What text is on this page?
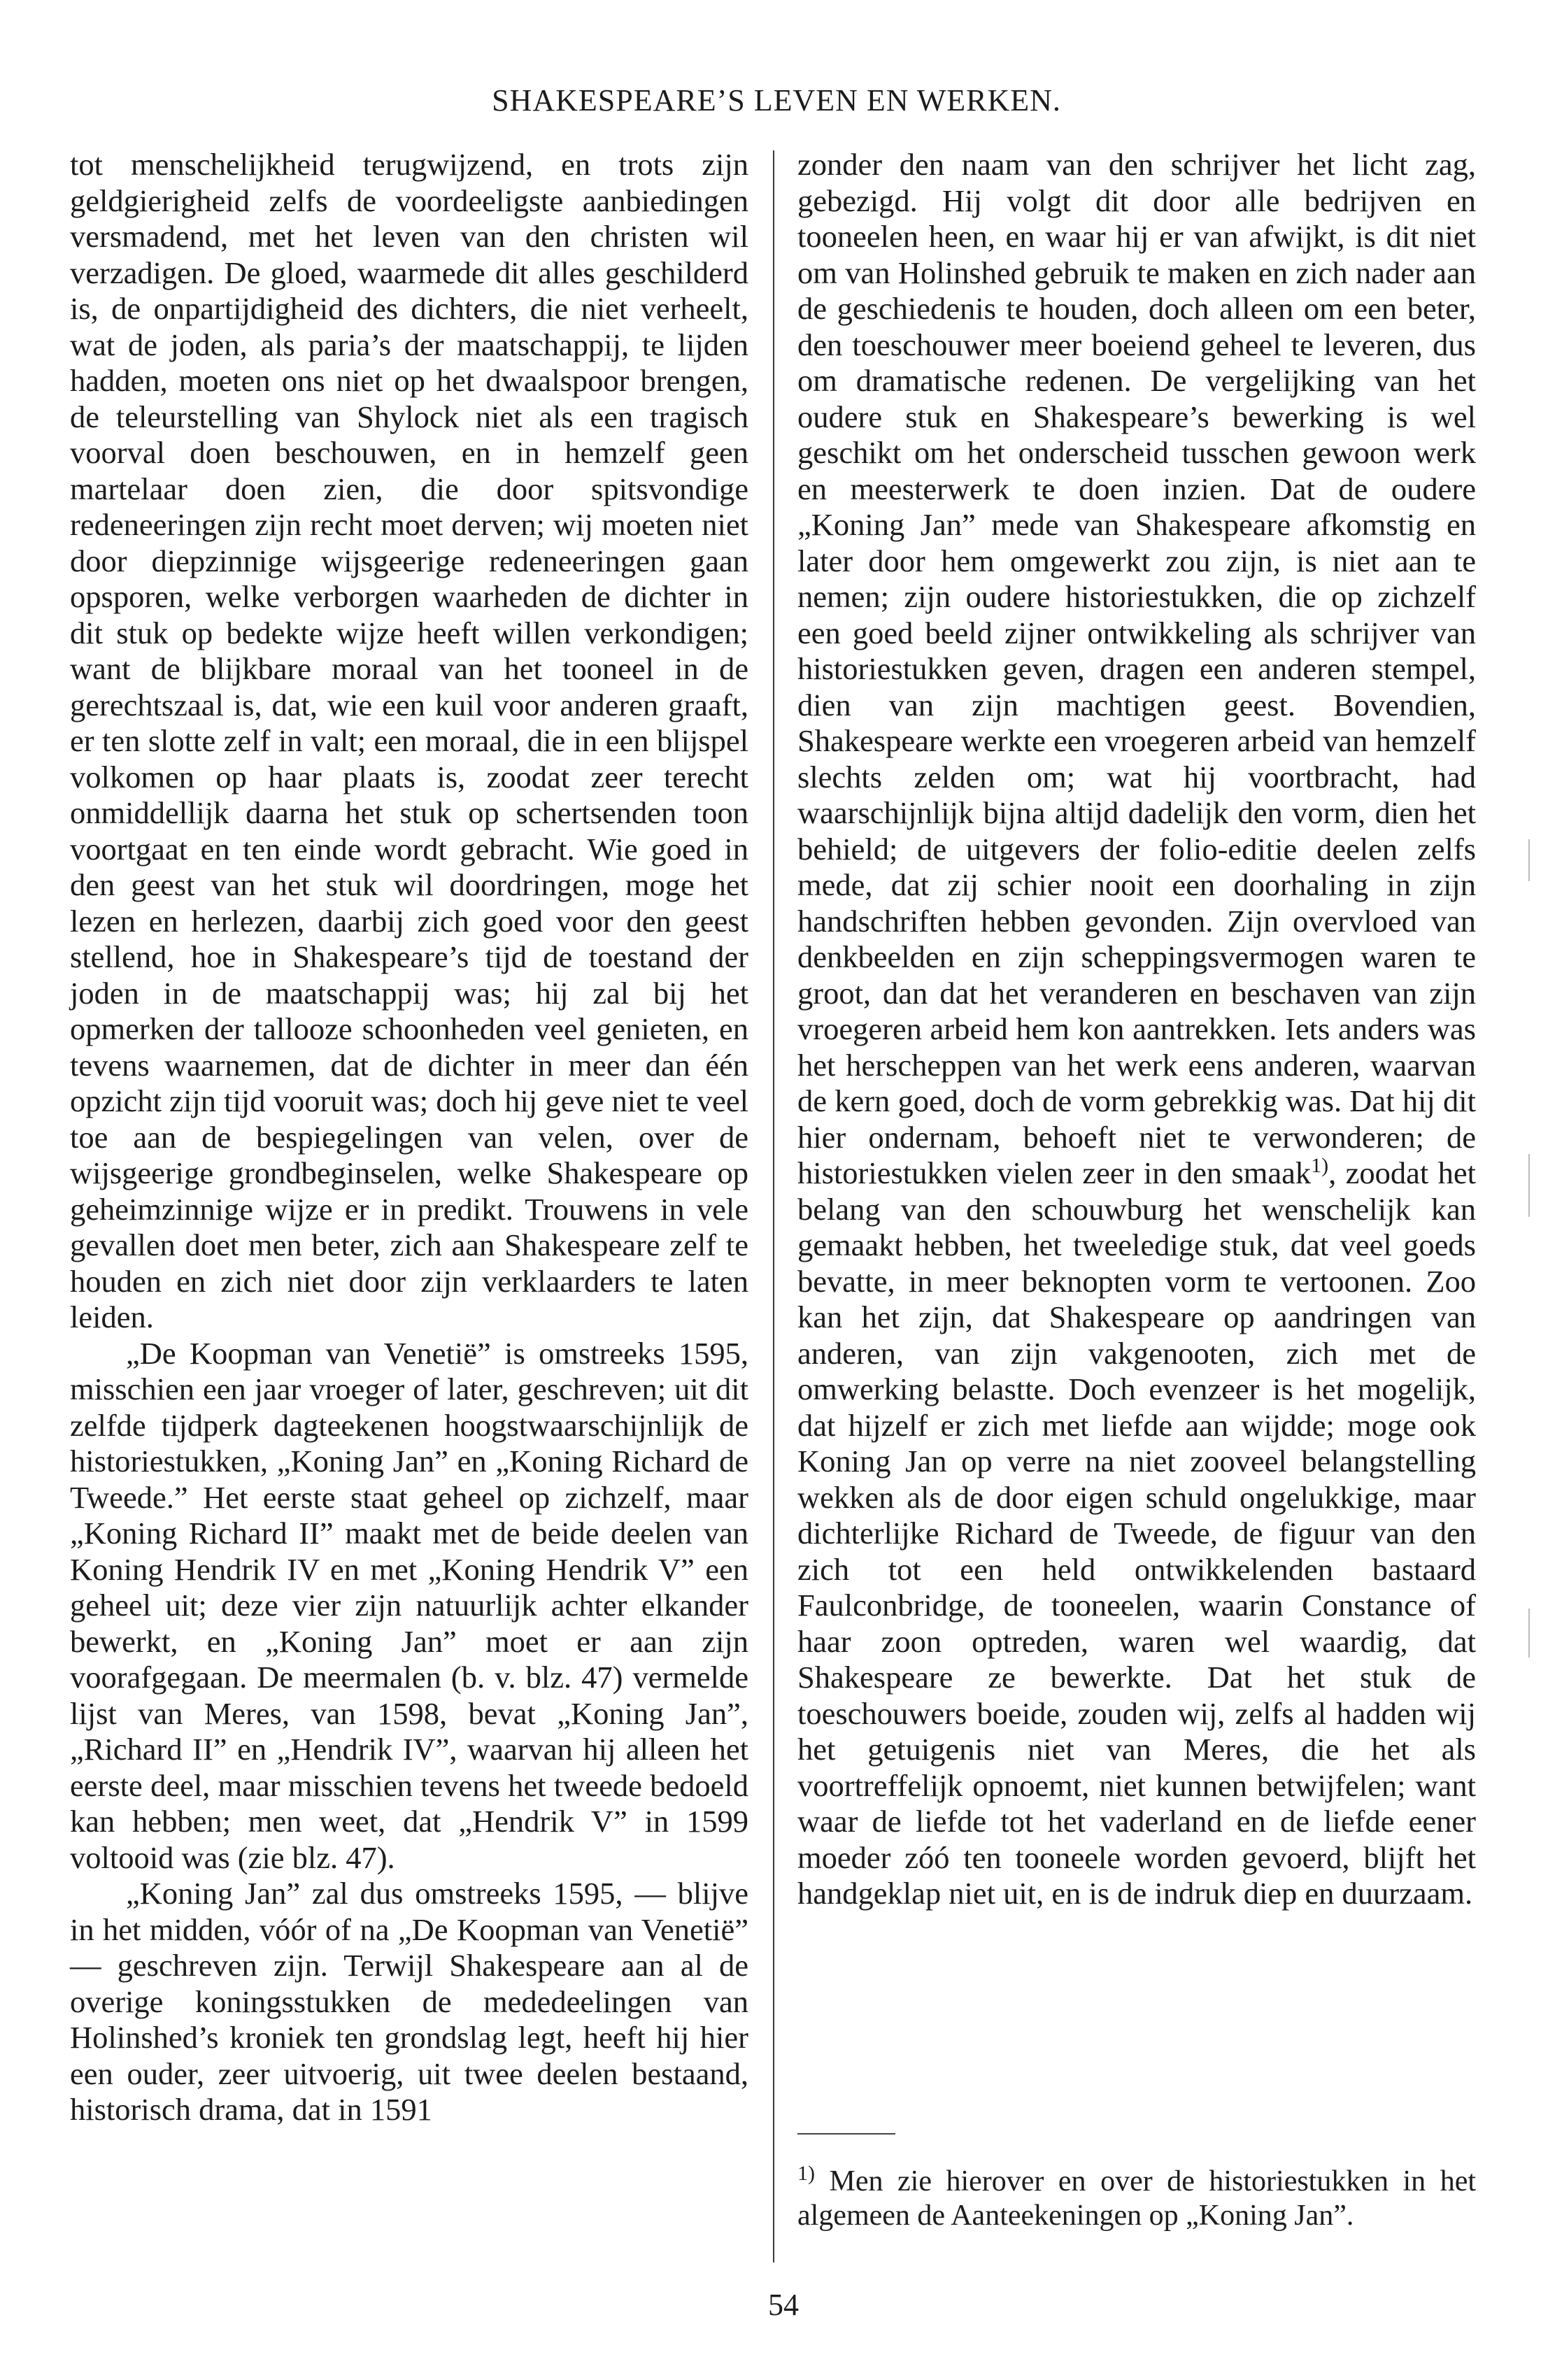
SHAKESPEARE’S LEVEN EN WERKEN.

tot menschelijkheid terugwijzend, en trots zijn geldgierigheid zelfs de voordeeligste aanbiedingen versmadend, met het leven van den christen wil verzadigen. De gloed, waarmede dit alles geschilderd is, de onpartijdigheid des dichters, die niet verheelt, wat de joden, als paria’s der maatschappij, te lijden hadden, moeten ons niet op het dwaalspoor brengen, de teleurstelling van Shylock niet als een tragisch voorval doen beschouwen, en in hemzelf geen martelaar doen zien, die door spitsvondige redeneeringen zijn recht moet derven; wij moeten niet door diepzinnige wijsgeerige redeneeringen gaan opsporen, welke verborgen waarheden de dichter in dit stuk op bedekte wijze heeft willen verkondigen; want de blijkbare moraal van het tooneel in de gerechtszaal is, dat, wie een kuil voor anderen graaft, er ten slotte zelf in valt; een moraal, die in een blijspel volkomen op haar plaats is, zoodat zeer terecht onmiddellijk daarna het stuk op schertsenden toon voortgaat en ten einde wordt gebracht. Wie goed in den geest van het stuk wil doordringen, moge het lezen en herlezen, daarbij zich goed voor den geest stellend, hoe in Shakespeare’s tijd de toestand der joden in de maatschappij was; hij zal bij het opmerken der tallooze schoonheden veel genieten, en tevens waarnemen, dat de dichter in meer dan één opzicht zijn tijd vooruit was; doch hij geve niet te veel toe aan de bespiegelingen van velen, over de wijsgeerige grondbeginselen, welke Shakespeare op geheimzinnige wijze er in predikt. Trouwens in vele gevallen doet men beter, zich aan Shakespeare zelf te houden en zich niet door zijn verklaarders te laten leiden.

„De Koopman van Venetië” is omstreeks 1595, misschien een jaar vroeger of later, geschreven; uit dit zelfde tijdperk dagteekenen hoogstwaarschijnlijk de historiestukken, „Koning Jan” en „Koning Richard de Tweede.” Het eerste staat geheel op zichzelf, maar „Koning Richard II” maakt met de beide deelen van Koning Hendrik IV en met „Koning Hendrik V” een geheel uit; deze vier zijn natuurlijk achter elkander bewerkt, en „Koning Jan” moet er aan zijn voorafgegaan. De meermalen (b. v. blz. 47) vermelde lijst van Meres, van 1598, bevat „Koning Jan”, „Richard II” en „Hendrik IV”, waarvan hij alleen het eerste deel, maar misschien tevens het tweede bedoeld kan hebben; men weet, dat „Hendrik V” in 1599 voltooid was (zie blz. 47).

„Koning Jan” zal dus omstreeks 1595, — blijve in het midden, vóór of na „De Koopman van Venetië” — geschreven zijn. Terwijl Shakespeare aan al de overige koningsstukken de mededeelingen van Holinshed’s kroniek ten grondslag legt, heeft hij hier een ouder, zeer uitvoerig, uit twee deelen bestaand, historisch drama, dat in 1591

zonder den naam van den schrijver het licht zag, gebezigd. Hij volgt dit door alle bedrijven en tooneelen heen, en waar hij er van afwijkt, is dit niet om van Holinshed gebruik te maken en zich nader aan de geschiedenis te houden, doch alleen om een beter, den toeschouwer meer boeiend geheel te leveren, dus om dramatische redenen. De vergelijking van het oudere stuk en Shakespeare’s bewerking is wel geschikt om het onderscheid tusschen gewoon werk en meesterwerk te doen inzien. Dat de oudere „Koning Jan” mede van Shakespeare afkomstig en later door hem omgewerkt zou zijn, is niet aan te nemen; zijn oudere historiestukken, die op zichzelf een goed beeld zijner ontwikkeling als schrijver van historiestukken geven, dragen een anderen stempel, dien van zijn machtigen geest. Bovendien, Shakespeare werkte een vroegeren arbeid van hemzelf slechts zelden om; wat hij voortbracht, had waarschijnlijk bijna altijd dadelijk den vorm, dien het behield; de uitgevers der folio-editie deelen zelfs mede, dat zij schier nooit een doorhaling in zijn handschriften hebben gevonden. Zijn overvloed van denkbeelden en zijn scheppingsvermogen waren te groot, dan dat het veranderen en beschaven van zijn vroegeren arbeid hem kon aantrekken. Iets anders was het herscheppen van het werk eens anderen, waarvan de kern goed, doch de vorm gebrekkig was. Dat hij dit hier ondernam, behoeft niet te verwonderen; de historiestukken vielen zeer in den smaak$^{1)}$, zoodat het belang van den schouwburg het wenschelijk kan gemaakt hebben, het tweeledige stuk, dat veel goeds bevatte, in meer beknopten vorm te vertoonen. Zoo kan het zijn, dat Shakespeare op aandringen van anderen, van zijn vakgenooten, zich met de omwerking belastte. Doch evenzeer is het mogelijk, dat hijzelf er zich met liefde aan wijdde; moge ook Koning Jan op verre na niet zooveel belangstelling wekken als de door eigen schuld ongelukkige, maar dichterlijke Richard de Tweede, de figuur van den zich tot een held ontwikkelenden bastaard Faulconbridge, de tooneelen, waarin Constance of haar zoon optreden, waren wel waardig, dat Shakespeare ze bewerkte. Dat het stuk de toeschouwers boeide, zouden wij, zelfs al hadden wij het getuigenis niet van Meres, die het als voortreffelijk opnoemt, niet kunnen betwijfelen; want waar de liefde tot het vaderland en de liefde eener moeder zóó ten tooneele worden gevoerd, blijft het handgeklap niet uit, en is de indruk diep en duurzaam.

$^{1)}$ Men zie hierover en over de historiestukken in het algemeen de Aanteekeningen op „Koning Jan”.
54
